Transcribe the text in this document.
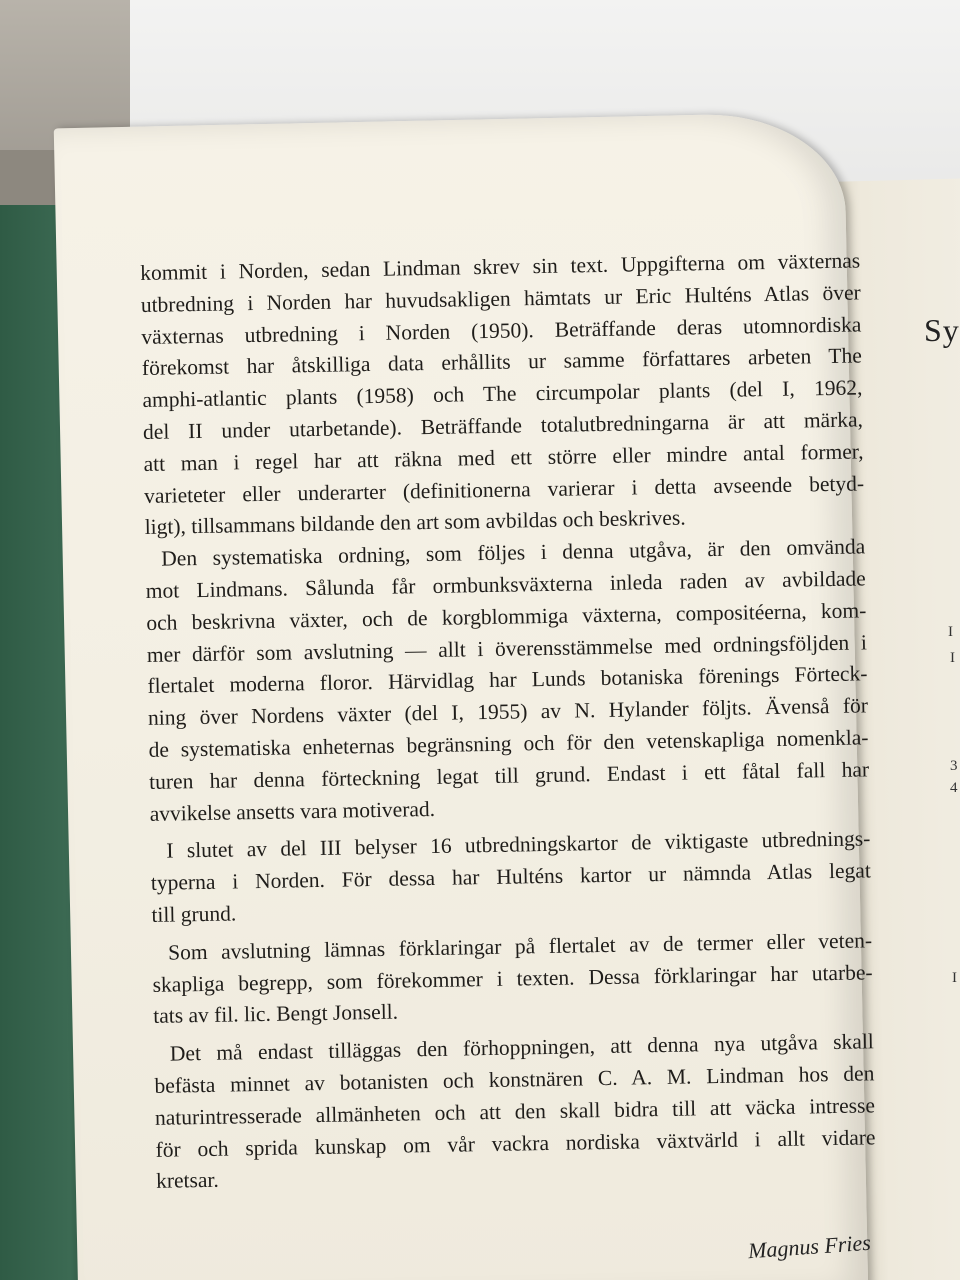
Sy
I
I
3
4
I
kommit i Norden, sedan Lindman skrev sin text. Uppgifterna om växternas
utbredning i Norden har huvudsakligen hämtats ur Eric Hulténs Atlas över
växternas utbredning i Norden (1950). Beträffande deras utomnordiska
förekomst har åtskilliga data erhållits ur samme författares arbeten The
amphi-atlantic plants (1958) och The circumpolar plants (del I, 1962,
del II under utarbetande). Beträffande totalutbredningarna är att märka,
att man i regel har att räkna med ett större eller mindre antal former,
varieteter eller underarter (definitionerna varierar i detta avseende betyd-
ligt), tillsammans bildande den art som avbildas och beskrives.
Den systematiska ordning, som följes i denna utgåva, är den omvända
mot Lindmans. Sålunda får ormbunksväxterna inleda raden av avbildade
och beskrivna växter, och de korgblommiga växterna, compositéerna, kom-
mer därför som avslutning — allt i överensstämmelse med ordningsföljden i
flertalet moderna floror. Härvidlag har Lunds botaniska förenings Förteck-
ning över Nordens växter (del I, 1955) av N. Hylander följts. Ävenså för
de systematiska enheternas begränsning och för den vetenskapliga nomenkla-
turen har denna förteckning legat till grund. Endast i ett fåtal fall har
avvikelse ansetts vara motiverad.
I slutet av del III belyser 16 utbredningskartor de viktigaste utbrednings-
typerna i Norden. För dessa har Hulténs kartor ur nämnda Atlas legat
till grund.
Som avslutning lämnas förklaringar på flertalet av de termer eller veten-
skapliga begrepp, som förekommer i texten. Dessa förklaringar har utarbe-
tats av fil. lic. Bengt Jonsell.
Det må endast tilläggas den förhoppningen, att denna nya utgåva skall
befästa minnet av botanisten och konstnären C. A. M. Lindman hos den
naturintresserade allmänheten och att den skall bidra till att väcka intresse
för och sprida kunskap om vår vackra nordiska växtvärld i allt vidare
kretsar.
Magnus Fries
